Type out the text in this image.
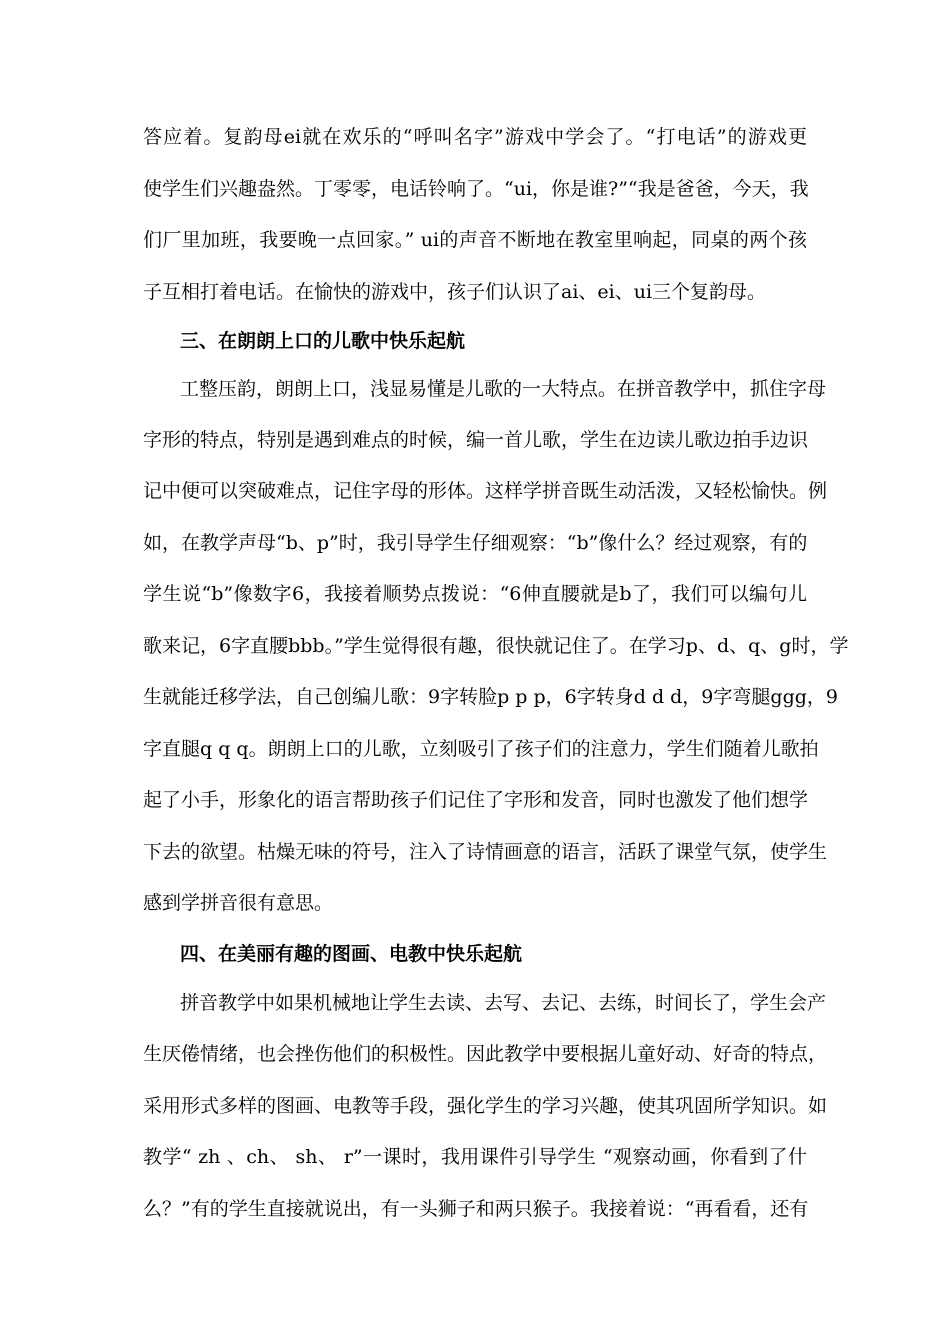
答应着。复韵母ei就在欢乐的“呼叫名字”游戏中学会了。“打电话”的游戏更
使学生们兴趣盎然。丁零零，电话铃响了。“ui，你是谁?”“我是爸爸，今天，我
们厂里加班，我要晚一点回家。” ui的声音不断地在教室里响起，同桌的两个孩
子互相打着电话。在愉快的游戏中，孩子们认识了ai、ei、ui三个复韵母。
三、在朗朗上口的儿歌中快乐起航
工整压韵，朗朗上口，浅显易懂是儿歌的一大特点。在拼音教学中，抓住字母
字形的特点，特别是遇到难点的时候，编一首儿歌，学生在边读儿歌边拍手边识
记中便可以突破难点，记住字母的形体。这样学拼音既生动活泼，又轻松愉快。例
如，在教学声母“b、p”时，我引导学生仔细观察：“b”像什么？经过观察，有的
学生说“b”像数字6，我接着顺势点拨说：“6伸直腰就是b了，我们可以编句儿
歌来记，6字直腰bbb。”学生觉得很有趣，很快就记住了。在学习p、d、q、g时，学
生就能迁移学法，自己创编儿歌：9字转脸p p p，6字转身d d d，9字弯腿ggg，9
字直腿q q q。朗朗上口的儿歌，立刻吸引了孩子们的注意力，学生们随着儿歌拍
起了小手，形象化的语言帮助孩子们记住了字形和发音，同时也激发了他们想学
下去的欲望。枯燥无味的符号，注入了诗情画意的语言，活跃了课堂气氛，使学生
感到学拼音很有意思。
四、在美丽有趣的图画、电教中快乐起航
拼音教学中如果机械地让学生去读、去写、去记、去练，时间长了，学生会产
生厌倦情绪，也会挫伤他们的积极性。因此教学中要根据儿童好动、好奇的特点，
采用形式多样的图画、电教等手段，强化学生的学习兴趣，使其巩固所学知识。如
教学“ zh 、ch、 sh、 r”一课时，我用课件引导学生 “观察动画，你看到了什
么？”有的学生直接就说出，有一头狮子和两只猴子。我接着说：“再看看，还有
